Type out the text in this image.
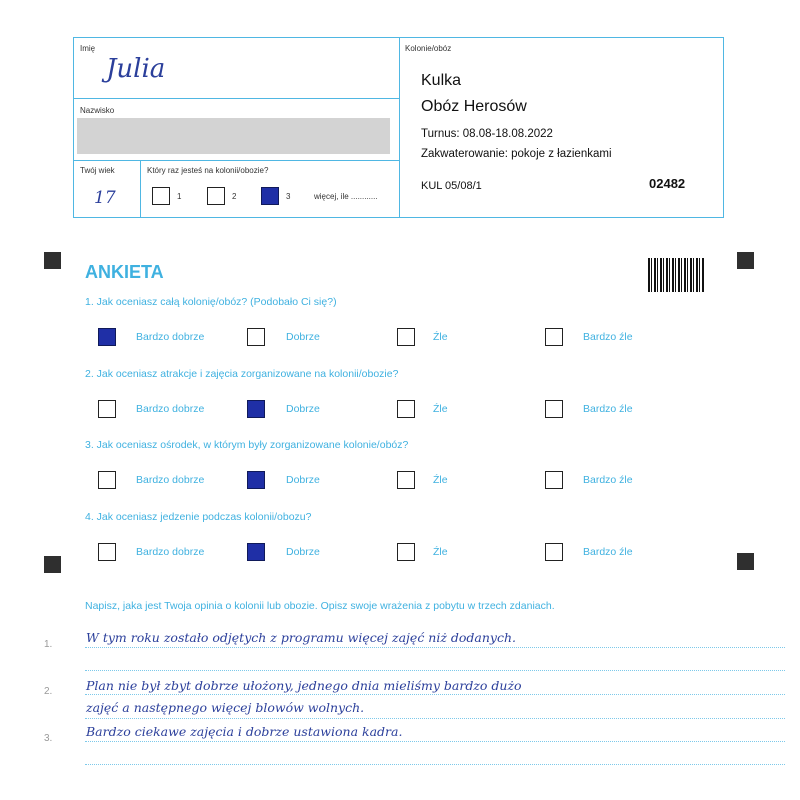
Imię
Julia
Nazwisko
Twój wiek
17
Który raz jesteś na kolonii/obozie?
1	2	3	więcej, ile ............
Kolonie/obóz
Kulka
Obóz Herosów
Turnus: 08.08-18.08.2022
Zakwaterowanie: pokoje z łazienkami
KUL 05/08/1	02482
ANKIETA
1. Jak oceniasz całą kolonię/obóz? (Podobało Ci się?)
Bardzo dobrze	Dobrze	Źle	Bardzo źle
2. Jak oceniasz atrakcje i zajęcia zorganizowane na kolonii/obozie?
Bardzo dobrze	Dobrze	Źle	Bardzo źle
3. Jak oceniasz ośrodek, w którym były zorganizowane kolonie/obóz?
Bardzo dobrze	Dobrze	Źle	Bardzo źle
4. Jak oceniasz jedzenie podczas kolonii/obozu?
Bardzo dobrze	Dobrze	Źle	Bardzo źle
Napisz, jaka jest Twoja opinia o kolonii lub obozie. Opisz swoje wrażenia z pobytu w trzech zdaniach.
1.
2.
3.
W tym roku zostało odjętych z programu więcej zajęć niż dodanych.
Plan nie był zbyt dobrze ułożony, jednego dnia mieliśmy bardzo dużo
zajęć a następnego więcej blowów wolnych.
Bardzo ciekawe zajęcia i dobrze ustawiona kadra.
